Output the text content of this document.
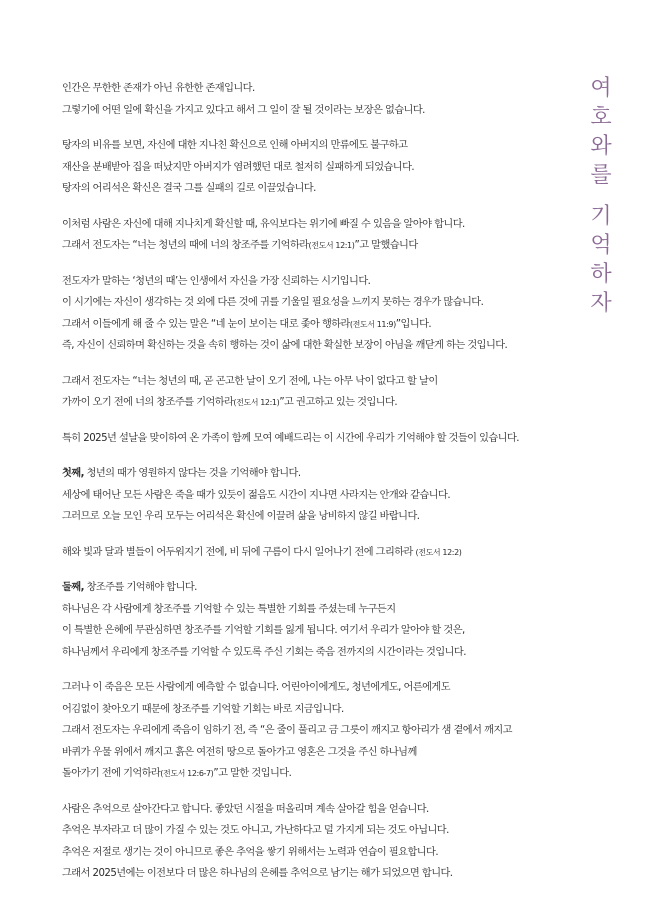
여
호
와
를
기
억
하
자
인간은 무한한 존재가 아닌 유한한 존재입니다.
그렇기에 어떤 일에 확신을 가지고 있다고 해서 그 일이 잘 될 것이라는 보장은 없습니다.
탕자의 비유를 보면, 자신에 대한 지나친 확신으로 인해 아버지의 만류에도 불구하고
재산을 분배받아 집을 떠났지만 아버지가 염려했던 대로 철저히 실패하게 되었습니다.
탕자의 어리석은 확신은 결국 그를 실패의 길로 이끌었습니다.
이처럼 사람은 자신에 대해 지나치게 확신할 때, 유익보다는 위기에 빠질 수 있음을 알아야 합니다.
그래서 전도자는 “너는 청년의 때에 너의 창조주를 기억하라(전도서 12:1)”고 말했습니다
전도자가 말하는 ‘청년의 때’는 인생에서 자신을 가장 신뢰하는 시기입니다.
이 시기에는 자신이 생각하는 것 외에 다른 것에 귀를 기울일 필요성을 느끼지 못하는 경우가 많습니다.
그래서 이들에게 해 줄 수 있는 말은 “네 눈이 보이는 대로 좇아 행하라(전도서 11:9)”입니다.
즉, 자신이 신뢰하며 확신하는 것을 속히 행하는 것이 삶에 대한 확실한 보장이 아님을 깨닫게 하는 것입니다.
그래서 전도자는 “너는 청년의 때, 곧 곤고한 날이 오기 전에, 나는 아무 낙이 없다고 할 날이
가까이 오기 전에 너의 창조주를 기억하라(전도서 12:1)”고 권고하고 있는 것입니다.
특히 2025년 설날을 맞이하여 온 가족이 함께 모여 예배드리는 이 시간에 우리가 기억해야 할 것들이 있습니다.
첫째, 청년의 때가 영원하지 않다는 것을 기억해야 합니다.
세상에 태어난 모든 사람은 죽을 때가 있듯이 젊음도 시간이 지나면 사라지는 안개와 같습니다.
그러므로 오늘 모인 우리 모두는 어리석은 확신에 이끌려 삶을 낭비하지 않길 바랍니다.
해와 빛과 달과 별들이 어두워지기 전에, 비 뒤에 구름이 다시 일어나기 전에 그리하라 (전도서 12:2)
둘째, 창조주를 기억해야 합니다.
하나님은 각 사람에게 창조주를 기억할 수 있는 특별한 기회를 주셨는데 누구든지
이 특별한 은혜에 무관심하면 창조주를 기억할 기회를 잃게 됩니다. 여기서 우리가 알아야 할 것은,
하나님께서 우리에게 창조주를 기억할 수 있도록 주신 기회는 죽음 전까지의 시간이라는 것입니다.
그러나 이 죽음은 모든 사람에게 예측할 수 없습니다. 어린아이에게도, 청년에게도, 어른에게도
어김없이 찾아오기 때문에 창조주를 기억할 기회는 바로 지금입니다.
그래서 전도자는 우리에게 죽음이 임하기 전, 즉 “은 줄이 풀리고 금 그릇이 깨지고 항아리가 샘 곁에서 깨지고
바퀴가 우물 위에서 깨지고 흙은 여전히 땅으로 돌아가고 영혼은 그것을 주신 하나님께
돌아가기 전에 기억하라(전도서 12:6-7)”고 말한 것입니다.
사람은 추억으로 살아간다고 합니다. 좋았던 시절을 떠올리며 계속 살아갈 힘을 얻습니다.
추억은 부자라고 더 많이 가질 수 있는 것도 아니고, 가난하다고 덜 가지게 되는 것도 아닙니다.
추억은 저절로 생기는 것이 아니므로 좋은 추억을 쌓기 위해서는 노력과 연습이 필요합니다.
그래서 2025년에는 이전보다 더 많은 하나님의 은혜를 추억으로 남기는 해가 되었으면 합니다.
